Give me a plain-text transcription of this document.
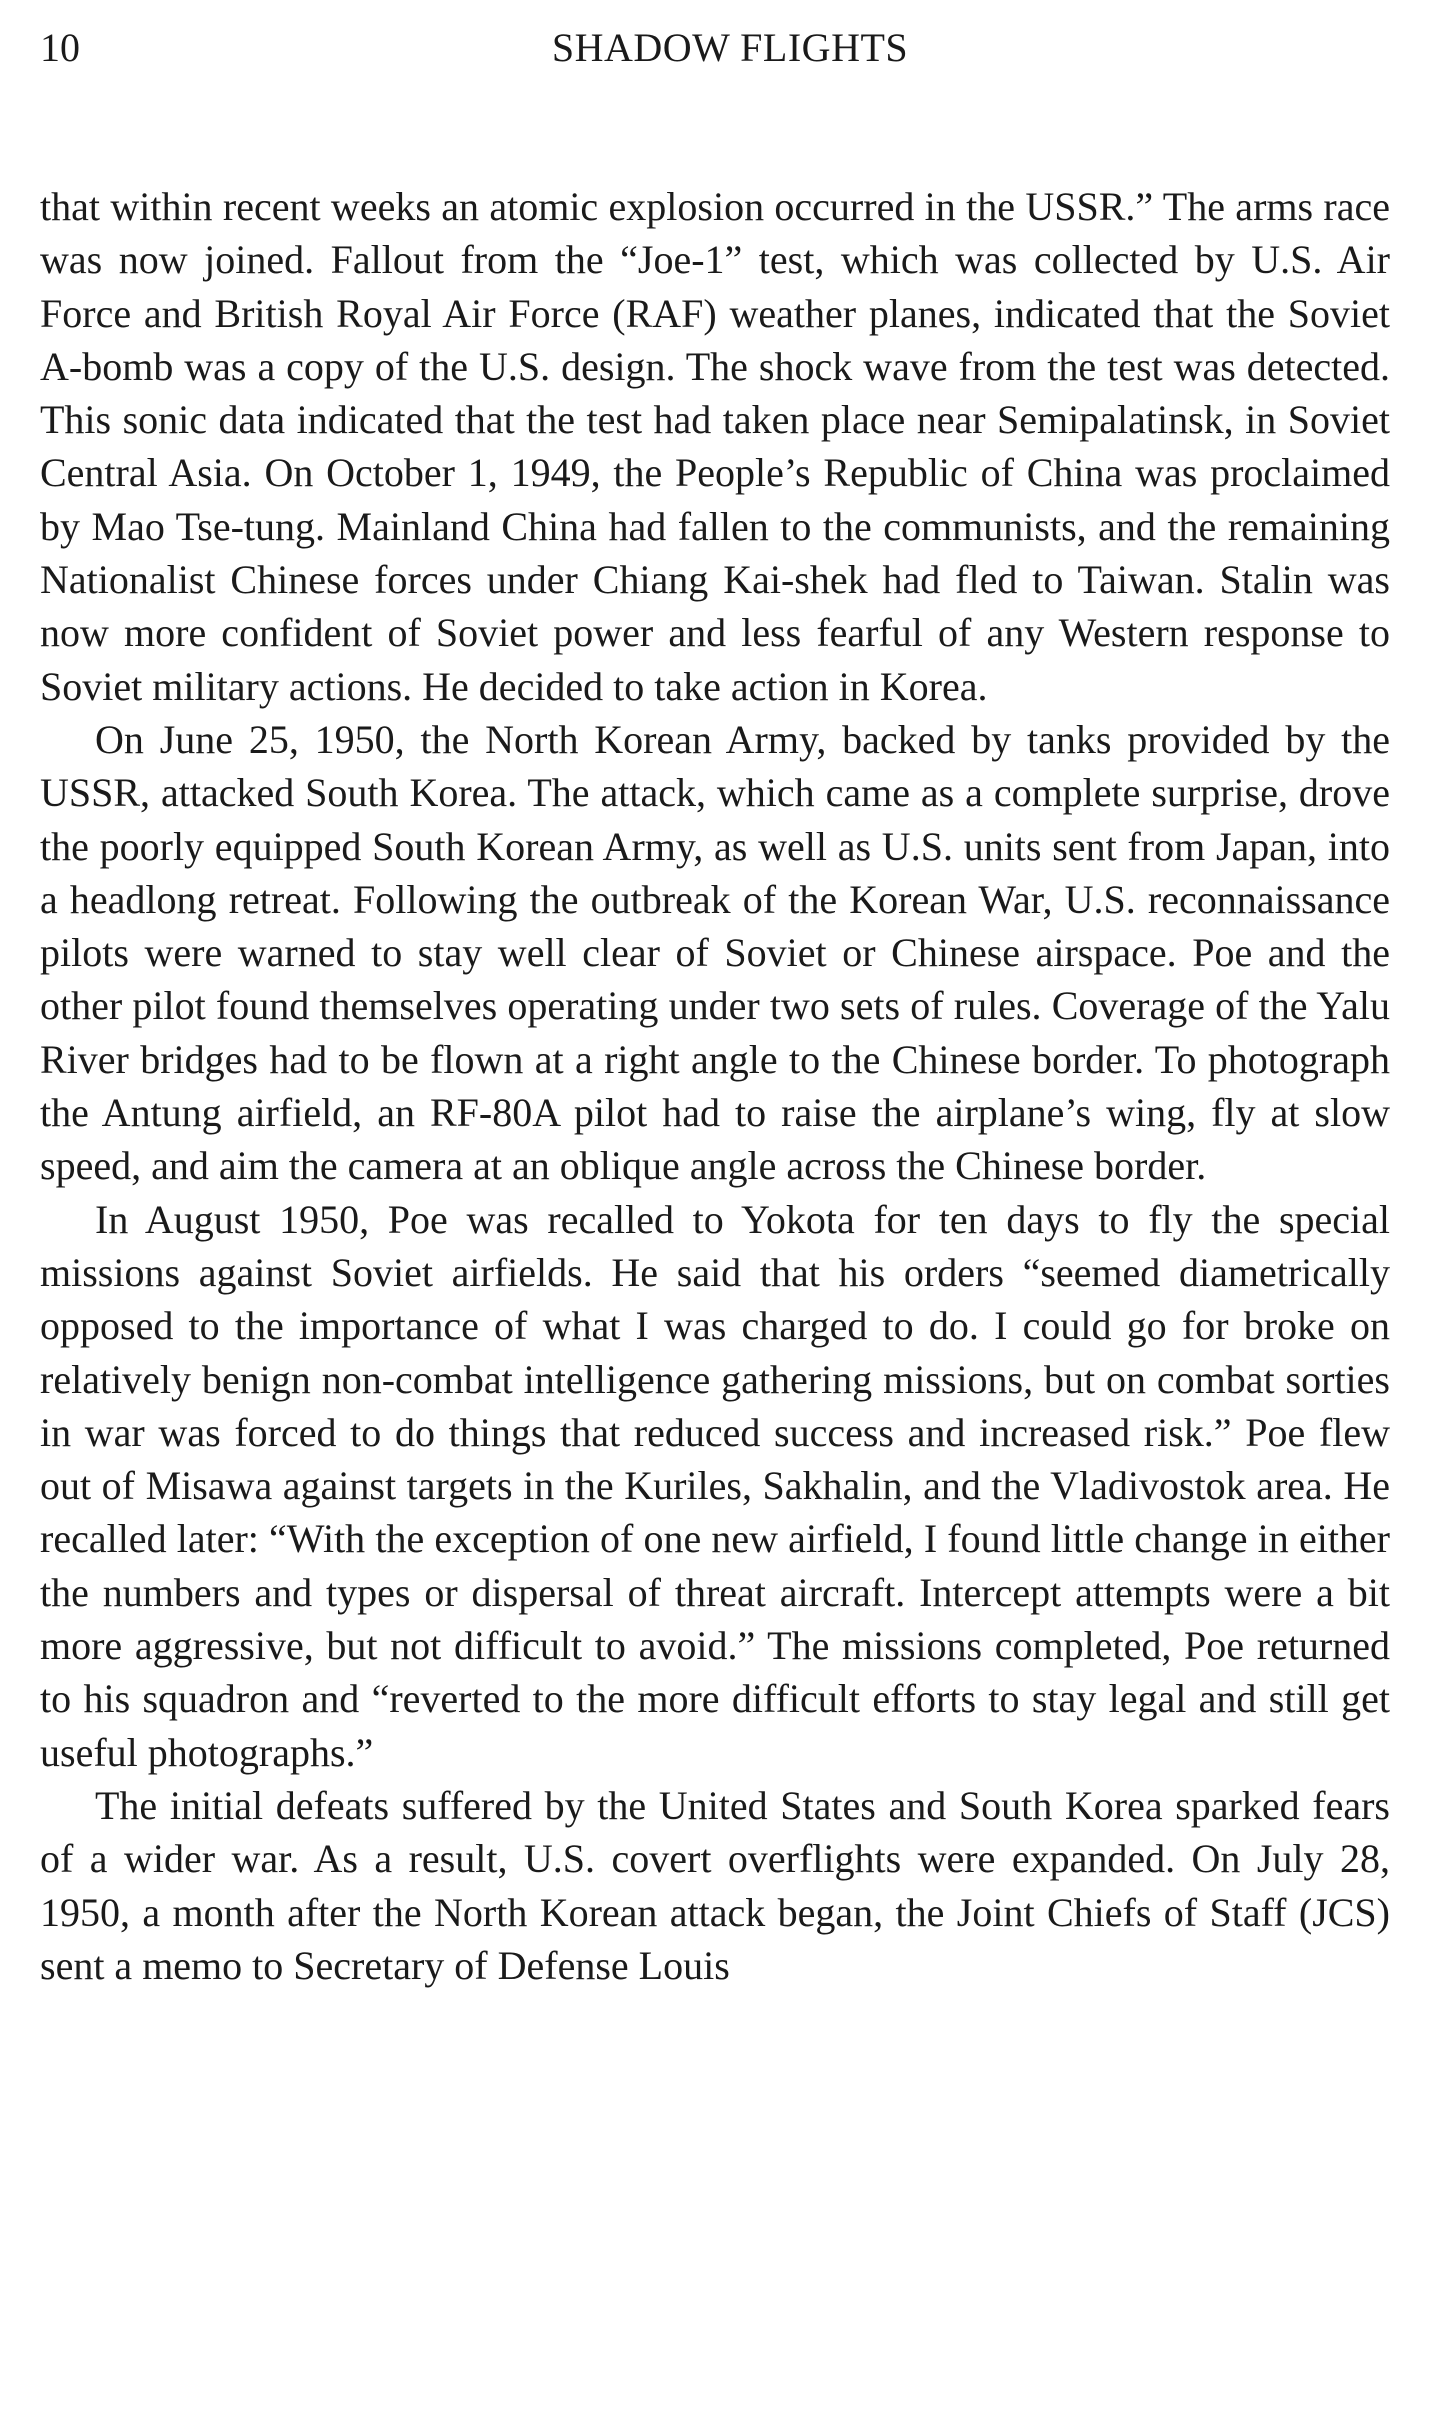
10	SHADOW FLIGHTS

that within recent weeks an atomic explosion occurred in the USSR.” The arms race was now joined. Fallout from the “Joe-1” test, which was collected by U.S. Air Force and British Royal Air Force (RAF) weather planes, indicated that the Soviet A-bomb was a copy of the U.S. design. The shock wave from the test was detected. This sonic data indicated that the test had taken place near Semipalatinsk, in Soviet Central Asia. On October 1, 1949, the People’s Republic of China was proclaimed by Mao Tse-tung. Mainland China had fallen to the communists, and the remaining Nationalist Chinese forces under Chiang Kai-shek had fled to Taiwan. Stalin was now more confident of Soviet power and less fearful of any Western response to Soviet military actions. He decided to take action in Korea.

On June 25, 1950, the North Korean Army, backed by tanks provided by the USSR, attacked South Korea. The attack, which came as a complete surprise, drove the poorly equipped South Korean Army, as well as U.S. units sent from Japan, into a headlong retreat. Following the outbreak of the Korean War, U.S. reconnaissance pilots were warned to stay well clear of Soviet or Chinese airspace. Poe and the other pilot found themselves operating under two sets of rules. Coverage of the Yalu River bridges had to be flown at a right angle to the Chinese border. To photograph the Antung airfield, an RF-80A pilot had to raise the airplane’s wing, fly at slow speed, and aim the camera at an oblique angle across the Chinese border.

In August 1950, Poe was recalled to Yokota for ten days to fly the special missions against Soviet airfields. He said that his orders “seemed diametrically opposed to the importance of what I was charged to do. I could go for broke on relatively benign non-combat intelligence gathering missions, but on combat sorties in war was forced to do things that reduced success and increased risk.” Poe flew out of Misawa against targets in the Kuriles, Sakhalin, and the Vladivostok area. He recalled later: “With the exception of one new airfield, I found little change in either the numbers and types or dispersal of threat aircraft. Intercept attempts were a bit more aggressive, but not difficult to avoid.” The missions completed, Poe returned to his squadron and “reverted to the more difficult efforts to stay legal and still get useful photographs.”

The initial defeats suffered by the United States and South Korea sparked fears of a wider war. As a result, U.S. covert overflights were expanded. On July 28, 1950, a month after the North Korean attack began, the Joint Chiefs of Staff (JCS) sent a memo to Secretary of Defense Louis
